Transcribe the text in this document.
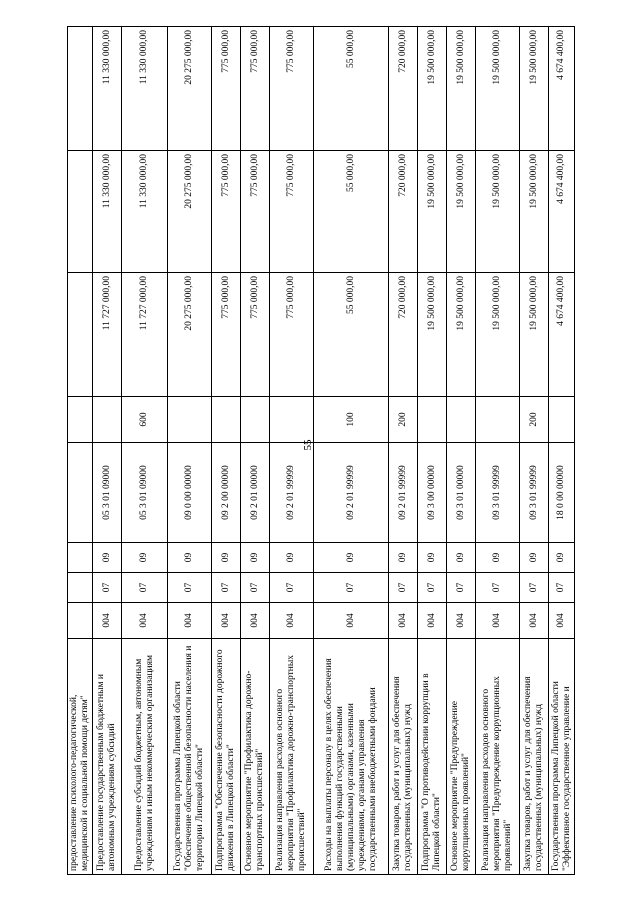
55
предоставление психолого-педагогической, медицинской и социальной помощи детям"								
Предоставление государственным бюджетным и автономным учреждениям субсидий	004	07	09	05 3 01 09000		11 727 000,00	11 330 000,00	11 330 000,00
Предоставление субсидий бюджетным, автономным учреждениям и иным некоммерческим организациям	004	07	09	05 3 01 09000	600	11 727 000,00	11 330 000,00	11 330 000,00
Государственная программа Липецкой области "Обеспечение общественной безопасности населения и территории Липецкой области"	004	07	09	09 0 00 00000		20 275 000,00	20 275 000,00	20 275 000,00
Подпрограмма "Обеспечение безопасности дорожного движения в Липецкой области"	004	07	09	09 2 00 00000		775 000,00	775 000,00	775 000,00
Основное мероприятие "Профилактика дорожно-транспортных происшествий"	004	07	09	09 2 01 00000		775 000,00	775 000,00	775 000,00
Реализация направления расходов основного мероприятия "Профилактика дорожно-транспортных происшествий"	004	07	09	09 2 01 99999		775 000,00	775 000,00	775 000,00
Расходы на выплаты персоналу в целях обеспечения выполнения функций государственными (муниципальными) органами, казенными учреждениями, органами управления государственными внебюджетными фондами	004	07	09	09 2 01 99999	100	55 000,00	55 000,00	55 000,00
Закупка товаров, работ и услуг для обеспечения государственных (муниципальных) нужд	004	07	09	09 2 01 99999	200	720 000,00	720 000,00	720 000,00
Подпрограмма "О противодействии коррупции в Липецкой области"	004	07	09	09 3 00 00000		19 500 000,00	19 500 000,00	19 500 000,00
Основное мероприятие "Предупреждение коррупционных проявлений"	004	07	09	09 3 01 00000		19 500 000,00	19 500 000,00	19 500 000,00
Реализация направления расходов основного мероприятия "Предупреждение коррупционных проявлений"	004	07	09	09 3 01 99999		19 500 000,00	19 500 000,00	19 500 000,00
Закупка товаров, работ и услуг для обеспечения государственных (муниципальных) нужд	004	07	09	09 3 01 99999	200	19 500 000,00	19 500 000,00	19 500 000,00
Государственная программа Липецкой области "Эффективное государственное управление и	004	07	09	18 0 00 00000		4 674 400,00	4 674 400,00	4 674 400,00
